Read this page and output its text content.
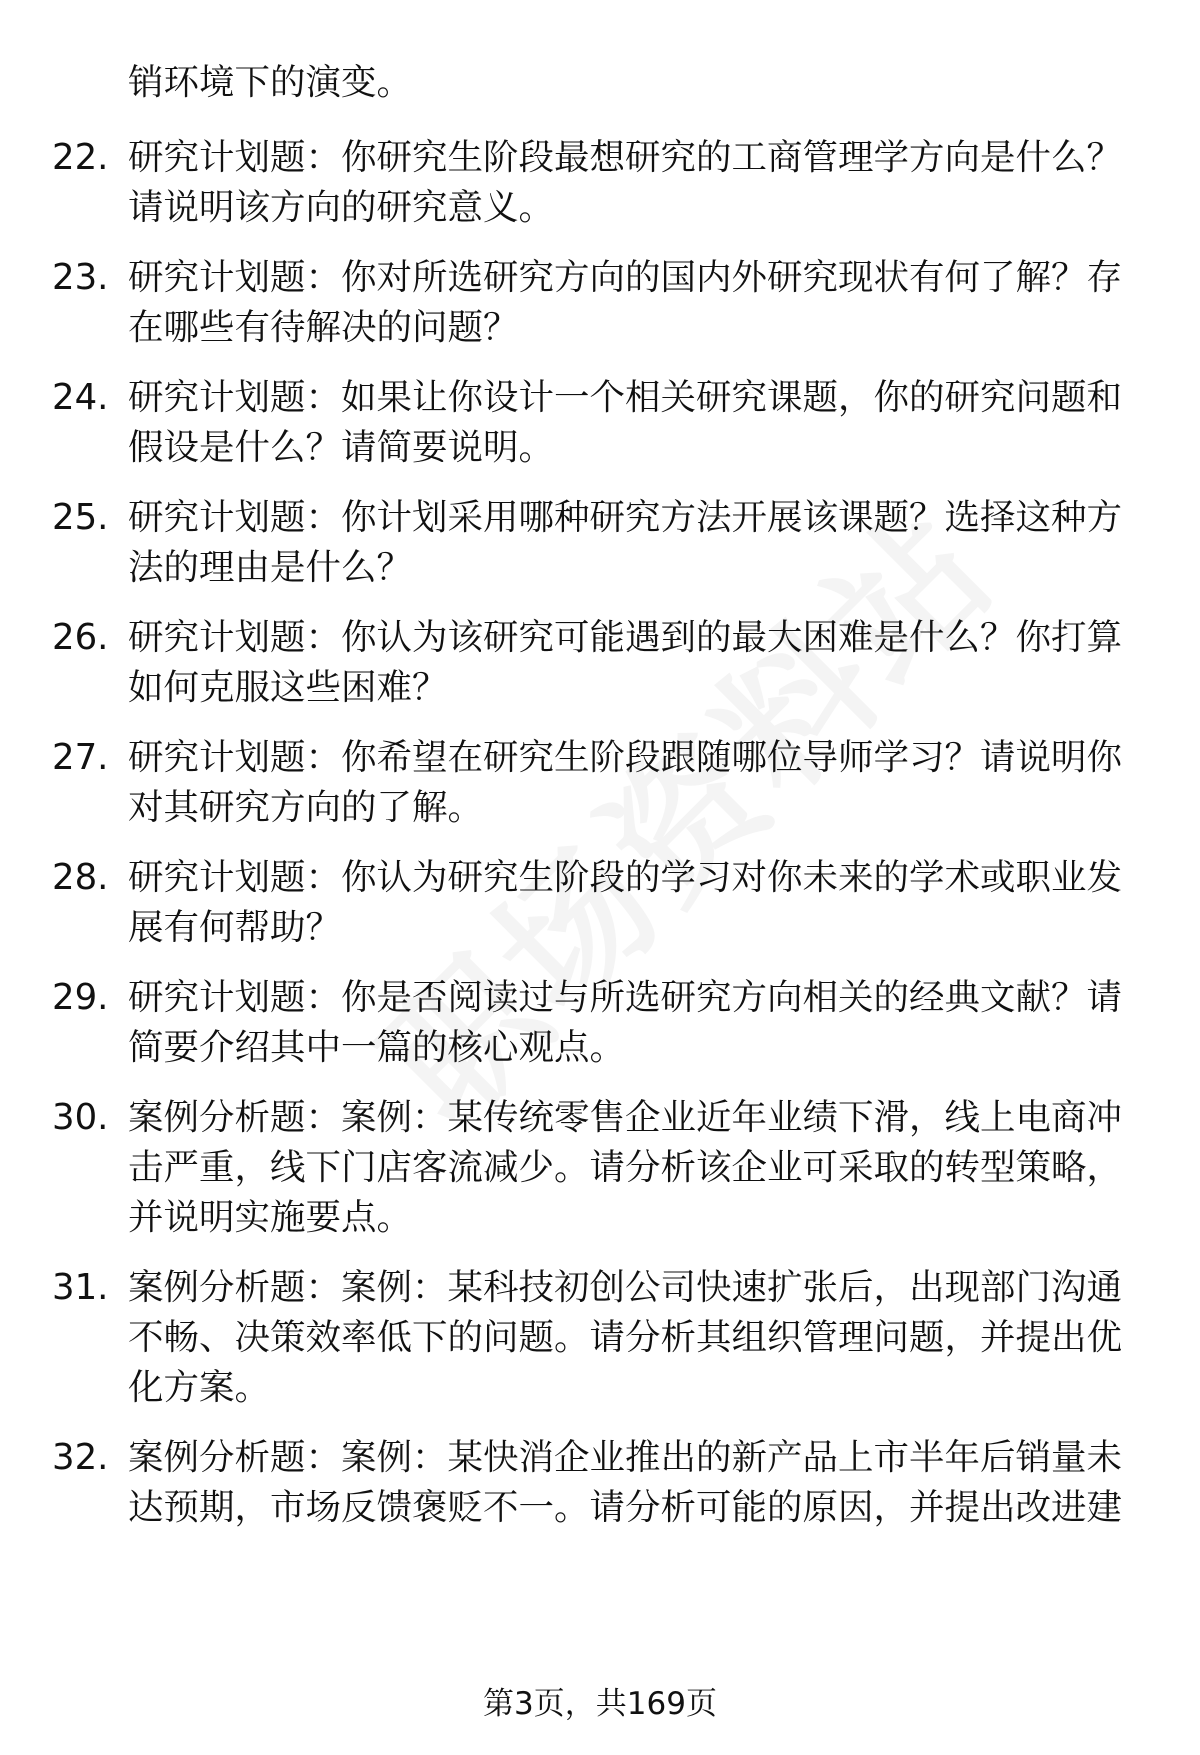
销环境下的演变。

22. 研究计划题：你研究生阶段最想研究的工商管理学方向是什么？请说明该方向的研究意义。
23. 研究计划题：你对所选研究方向的国内外研究现状有何了解？存在哪些有待解决的问题？
24. 研究计划题：如果让你设计一个相关研究课题，你的研究问题和假设是什么？请简要说明。
25. 研究计划题：你计划采用哪种研究方法开展该课题？选择这种方法的理由是什么？
26. 研究计划题：你认为该研究可能遇到的最大困难是什么？你打算如何克服这些困难？
27. 研究计划题：你希望在研究生阶段跟随哪位导师学习？请说明你对其研究方向的了解。
28. 研究计划题：你认为研究生阶段的学习对你未来的学术或职业发展有何帮助？
29. 研究计划题：你是否阅读过与所选研究方向相关的经典文献？请简要介绍其中一篇的核心观点。
30. 案例分析题：案例：某传统零售企业近年业绩下滑，线上电商冲击严重，线下门店客流减少。请分析该企业可采取的转型策略，并说明实施要点。
31. 案例分析题：案例：某科技初创公司快速扩张后，出现部门沟通不畅、决策效率低下的问题。请分析其组织管理问题，并提出优化方案。
32. 案例分析题：案例：某快消企业推出的新产品上市半年后销量未达预期，市场反馈褒贬不一。请分析可能的原因，并提出改进建
第3页，共169页
